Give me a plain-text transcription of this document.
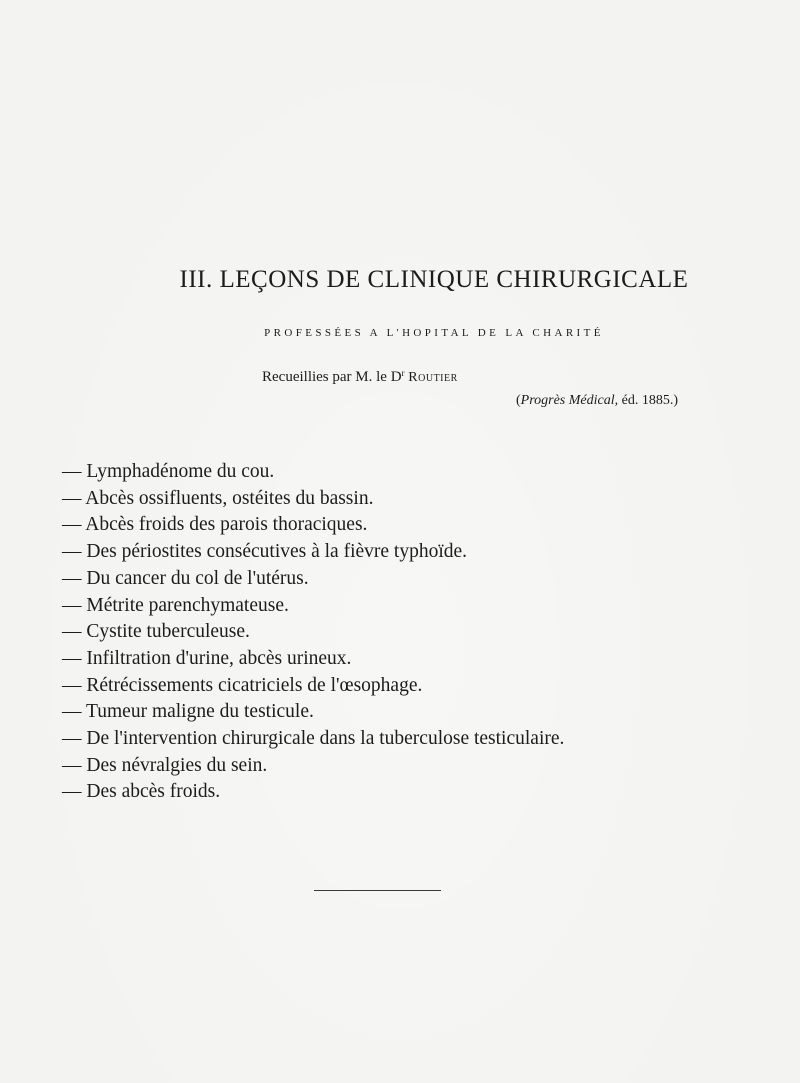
III. LEÇONS DE CLINIQUE CHIRURGICALE
PROFESSÉES A L'HOPITAL DE LA CHARITÉ
Recueillies par M. le $D^r$ Routier
(Progrès Médical, éd. 1885.)
— Lymphadénome du cou.
— Abcès ossifluents, ostéites du bassin.
— Abcès froids des parois thoraciques.
— Des périostites consécutives à la fièvre typhoïde.
— Du cancer du col de l'utérus.
— Métrite parenchymateuse.
— Cystite tuberculeuse.
— Infiltration d'urine, abcès urineux.
— Rétrécissements cicatriciels de l'œsophage.
— Tumeur maligne du testicule.
— De l'intervention chirurgicale dans la tuberculose testiculaire.
— Des névralgies du sein.
— Des abcès froids.
